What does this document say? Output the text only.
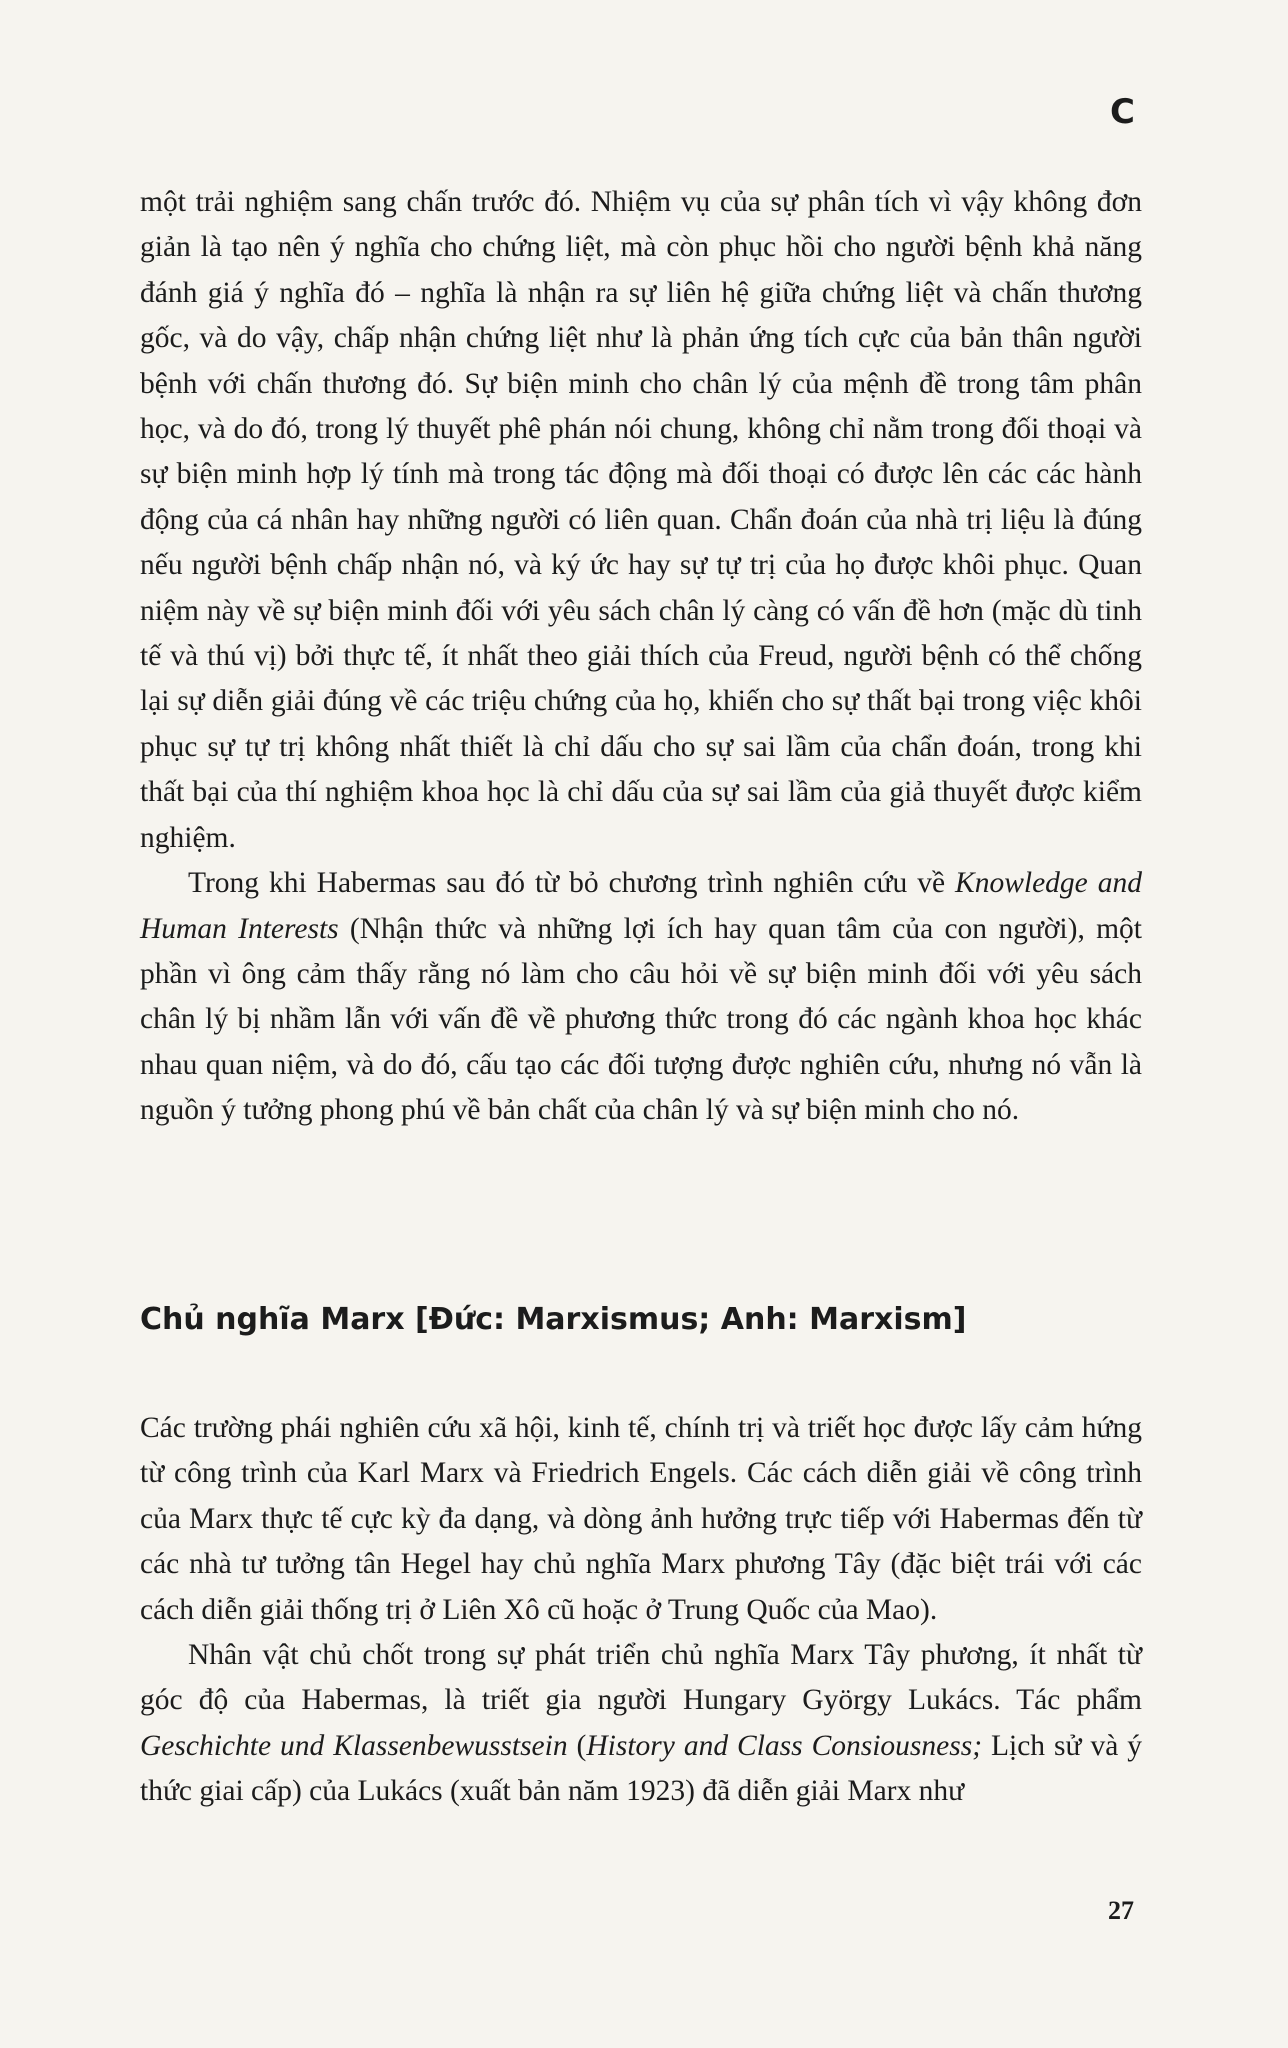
C

một trải nghiệm sang chấn trước đó. Nhiệm vụ của sự phân tích vì vậy không đơn giản là tạo nên ý nghĩa cho chứng liệt, mà còn phục hồi cho người bệnh khả năng đánh giá ý nghĩa đó – nghĩa là nhận ra sự liên hệ giữa chứng liệt và chấn thương gốc, và do vậy, chấp nhận chứng liệt như là phản ứng tích cực của bản thân người bệnh với chấn thương đó. Sự biện minh cho chân lý của mệnh đề trong tâm phân học, và do đó, trong lý thuyết phê phán nói chung, không chỉ nằm trong đối thoại và sự biện minh hợp lý tính mà trong tác động mà đối thoại có được lên các các hành động của cá nhân hay những người có liên quan. Chẩn đoán của nhà trị liệu là đúng nếu người bệnh chấp nhận nó, và ký ức hay sự tự trị của họ được khôi phục. Quan niệm này về sự biện minh đối với yêu sách chân lý càng có vấn đề hơn (mặc dù tinh tế và thú vị) bởi thực tế, ít nhất theo giải thích của Freud, người bệnh có thể chống lại sự diễn giải đúng về các triệu chứng của họ, khiến cho sự thất bại trong việc khôi phục sự tự trị không nhất thiết là chỉ dấu cho sự sai lầm của chẩn đoán, trong khi thất bại của thí nghiệm khoa học là chỉ dấu của sự sai lầm của giả thuyết được kiểm nghiệm.

Trong khi Habermas sau đó từ bỏ chương trình nghiên cứu về Knowledge and Human Interests (Nhận thức và những lợi ích hay quan tâm của con người), một phần vì ông cảm thấy rằng nó làm cho câu hỏi về sự biện minh đối với yêu sách chân lý bị nhầm lẫn với vấn đề về phương thức trong đó các ngành khoa học khác nhau quan niệm, và do đó, cấu tạo các đối tượng được nghiên cứu, nhưng nó vẫn là nguồn ý tưởng phong phú về bản chất của chân lý và sự biện minh cho nó.

Chủ nghĩa Marx [Đức: Marxismus; Anh: Marxism]

Các trường phái nghiên cứu xã hội, kinh tế, chính trị và triết học được lấy cảm hứng từ công trình của Karl Marx và Friedrich Engels. Các cách diễn giải về công trình của Marx thực tế cực kỳ đa dạng, và dòng ảnh hưởng trực tiếp với Habermas đến từ các nhà tư tưởng tân Hegel hay chủ nghĩa Marx phương Tây (đặc biệt trái với các cách diễn giải thống trị ở Liên Xô cũ hoặc ở Trung Quốc của Mao).

Nhân vật chủ chốt trong sự phát triển chủ nghĩa Marx Tây phương, ít nhất từ góc độ của Habermas, là triết gia người Hungary György Lukács. Tác phẩm Geschichte und Klassenbewusstsein (History and Class Consiousness; Lịch sử và ý thức giai cấp) của Lukács (xuất bản năm 1923) đã diễn giải Marx như

27
